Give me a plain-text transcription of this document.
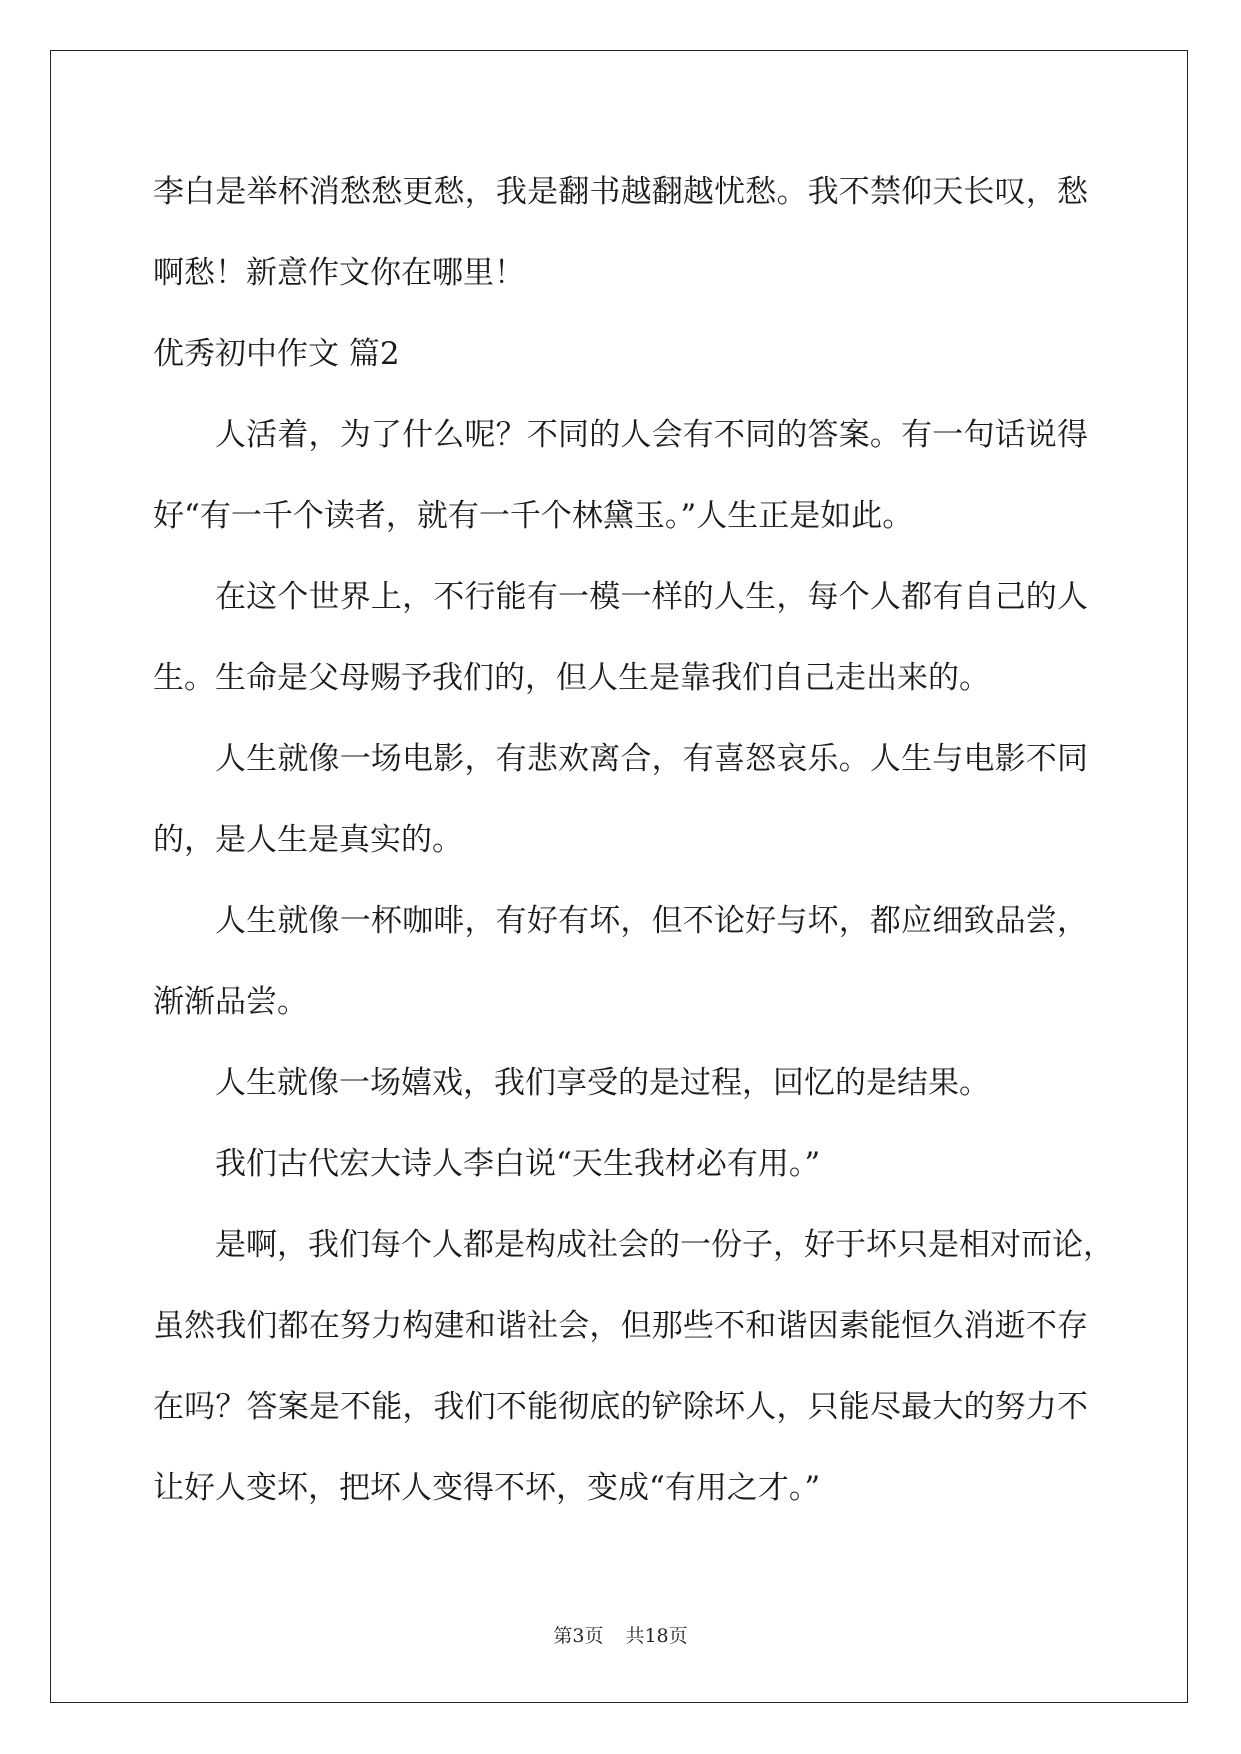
李白是举杯消愁愁更愁，我是翻书越翻越忧愁。我不禁仰天长叹，愁
啊愁！新意作文你在哪里！
优秀初中作文 篇2
人活着，为了什么呢？不同的人会有不同的答案。有一句话说得
好“有一千个读者，就有一千个林黛玉。”人生正是如此。
在这个世界上，不行能有一模一样的人生，每个人都有自己的人
生。生命是父母赐予我们的，但人生是靠我们自己走出来的。
人生就像一场电影，有悲欢离合，有喜怒哀乐。人生与电影不同
的，是人生是真实的。
人生就像一杯咖啡，有好有坏，但不论好与坏，都应细致品尝，
渐渐品尝。
人生就像一场嬉戏，我们享受的是过程，回忆的是结果。
我们古代宏大诗人李白说“天生我材必有用。”
是啊，我们每个人都是构成社会的一份子，好于坏只是相对而论，
虽然我们都在努力构建和谐社会，但那些不和谐因素能恒久消逝不存
在吗？答案是不能，我们不能彻底的铲除坏人，只能尽最大的努力不
让好人变坏，把坏人变得不坏，变成“有用之才。”
第3页 共18页
